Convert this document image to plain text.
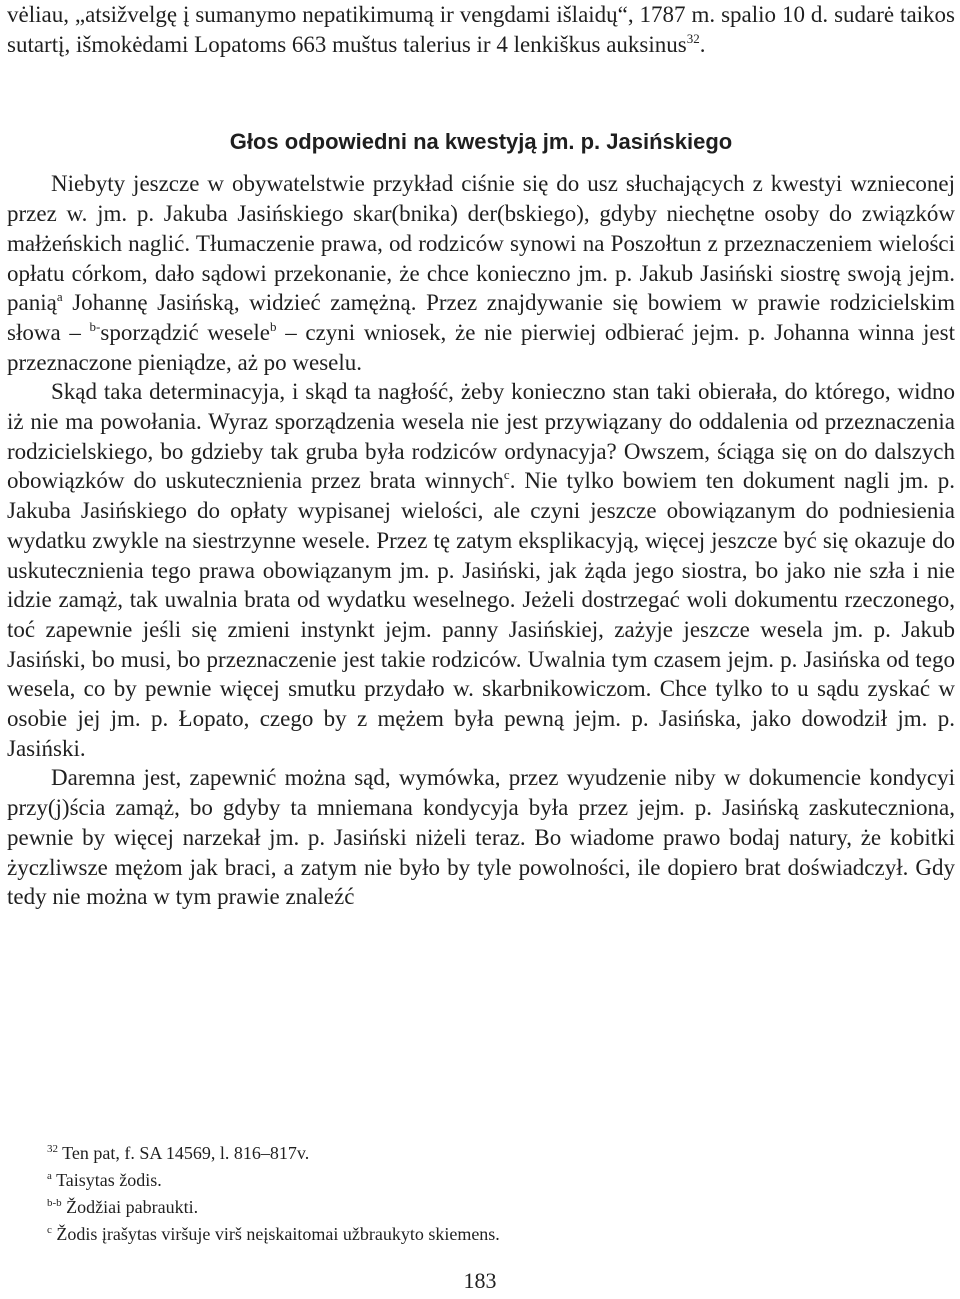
vėliau, „atsižvelgę į sumanymo nepatikimumą ir vengdami išlaidų“, 1787 m. spalio 10 d. sudarė taikos sutartį, išmokėdami Lopatoms 663 muštus talerius ir 4 lenkiškus auksinus$^{32}$.

Głos odpowiedni na kwestyją jm. p. Jasińskiego

Niebyty jeszcze w obywatelstwie przykład ciśnie się do usz słuchających z kwestyi wznieconej przez w. jm. p. Jakuba Jasińskiego skar(bnika) der(bskiego), gdyby niechętne osoby do związków małżeńskich naglić. Tłumaczenie prawa, od rodziców synowi na Poszołtun z przeznaczeniem wielości opłatu córkom, dało sądowi przekonanie, że chce konieczno jm. p. Jakub Jasiński siostrę swoją jejm. panią$^a$ Johannę Jasińską, widzieć zamężną. Przez znajdywanie się bowiem w prawie rodzicielskim słowa – $^{b-}$sporządzić wesele$^b$ – czyni wniosek, że nie pierwiej odbierać jejm. p. Johanna winna jest przeznaczone pieniądze, aż po weselu.

Skąd taka determinacyja, i skąd ta nagłość, żeby konieczno stan taki obierała, do którego, widno iż nie ma powołania. Wyraz sporządzenia wesela nie jest przywiązany do oddalenia od przeznaczenia rodzicielskiego, bo gdzieby tak gruba była rodziców ordynacyja? Owszem, ściąga się on do dalszych obowiązków do uskutecznienia przez brata winnych$^c$. Nie tylko bowiem ten dokument nagli jm. p. Jakuba Jasińskiego do opłaty wypisanej wielości, ale czyni jeszcze obowiązanym do podniesienia wydatku zwykle na siestrzynne wesele. Przez tę zatym eksplikacyją, więcej jeszcze być się okazuje do uskutecznienia tego prawa obowiązanym jm. p. Jasiński, jak żąda jego siostra, bo jako nie szła i nie idzie zamąż, tak uwalnia brata od wydatku weselnego. Jeżeli dostrzegać woli dokumentu rzeczonego, toć zapewnie jeśli się zmieni instynkt jejm. panny Jasińskiej, zażyje jeszcze wesela jm. p. Jakub Jasiński, bo musi, bo przeznaczenie jest takie rodziców. Uwalnia tym czasem jejm. p. Jasińska od tego wesela, co by pewnie więcej smutku przydało w. skarbnikowiczom. Chce tylko to u sądu zyskać w osobie jej jm. p. Łopato, czego by z mężem była pewną jejm. p. Jasińska, jako dowodził jm. p. Jasiński.

Daremna jest, zapewnić można sąd, wymówka, przez wyudzenie niby w dokumencie kondycyi przy(j)ścia zamąż, bo gdyby ta mniemana kondycyja była przez jejm. p. Jasińską zaskuteczniona, pewnie by więcej narzekał jm. p. Jasiński niżeli teraz. Bo wiadome prawo bodaj natury, że kobitki życzliwsze mężom jak braci, a zatym nie było by tyle powolności, ile dopiero brat doświadczył. Gdy tedy nie można w tym prawie znaleźć

$^{32}$ Ten pat, f. SA 14569, l. 816–817v.

$^a$ Taisytas žodis.

$^{b-b}$ Žodžiai pabraukti.

$^c$ Žodis įrašytas viršuje virš neįskaitomai užbraukyto skiemens.

183
